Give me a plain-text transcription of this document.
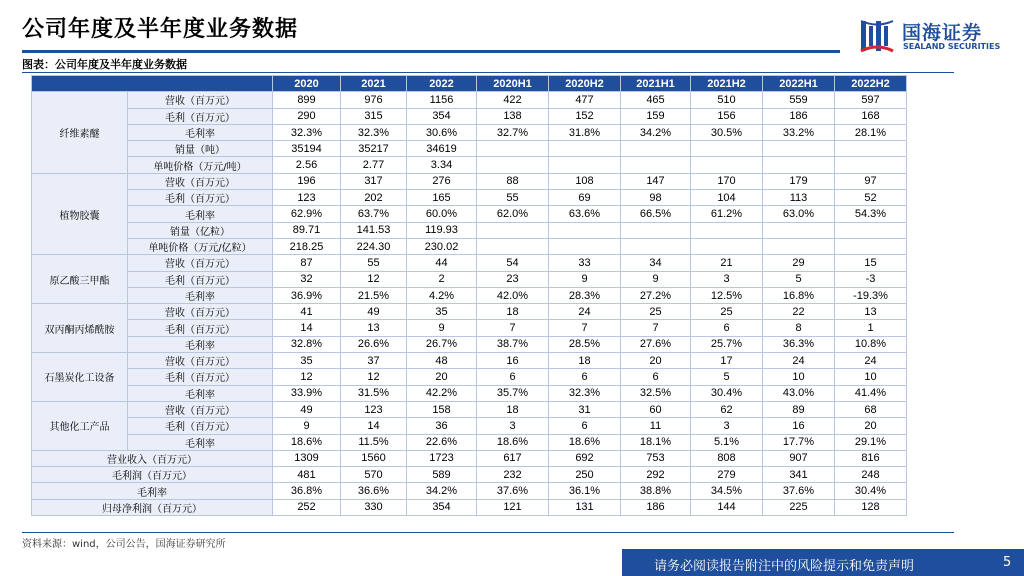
公司年度及半年度业务数据	国海证券
SEALAND SECURITIES
图表：公司年度及半年度业务数据
		2020	2021	2022	2020H1	2020H2	2021H1	2021H2	2022H1	2022H2
纤维素醚	营收（百万元）	899	976	1156	422	477	465	510	559	597
	毛利（百万元）	290	315	354	138	152	159	156	186	168
	毛利率	32.3%	32.3%	30.6%	32.7%	31.8%	34.2%	30.5%	33.2%	28.1%
	销量（吨）	35194	35217	34619						
	单吨价格（万元/吨）	2.56	2.77	3.34						
植物胶囊	营收（百万元）	196	317	276	88	108	147	170	179	97
	毛利（百万元）	123	202	165	55	69	98	104	113	52
	毛利率	62.9%	63.7%	60.0%	62.0%	63.6%	66.5%	61.2%	63.0%	54.3%
	销量（亿粒）	89.71	141.53	119.93						
	单吨价格（万元/亿粒）	218.25	224.30	230.02						
原乙酸三甲酯	营收（百万元）	87	55	44	54	33	34	21	29	15
	毛利（百万元）	32	12	2	23	9	9	3	5	-3
	毛利率	36.9%	21.5%	4.2%	42.0%	28.3%	27.2%	12.5%	16.8%	-19.3%
双丙酮丙烯酰胺	营收（百万元）	41	49	35	18	24	25	25	22	13
	毛利（百万元）	14	13	9	7	7	7	6	8	1
	毛利率	32.8%	26.6%	26.7%	38.7%	28.5%	27.6%	25.7%	36.3%	10.8%
石墨炭化工设备	营收（百万元）	35	37	48	16	18	20	17	24	24
	毛利（百万元）	12	12	20	6	6	6	5	10	10
	毛利率	33.9%	31.5%	42.2%	35.7%	32.3%	32.5%	30.4%	43.0%	41.4%
其他化工产品	营收（百万元）	49	123	158	18	31	60	62	89	68
	毛利（百万元）	9	14	36	3	6	11	3	16	20
	毛利率	18.6%	11.5%	22.6%	18.6%	18.6%	18.1%	5.1%	17.7%	29.1%
营业收入（百万元）		1309	1560	1723	617	692	753	808	907	816
毛利润（百万元）		481	570	589	232	250	292	279	341	248
毛利率		36.8%	36.6%	34.2%	37.6%	36.1%	38.8%	34.5%	37.6%	30.4%
归母净利润（百万元）		252	330	354	121	131	186	144	225	128
资料来源：wind，公司公告，国海证券研究所
请务必阅读报告附注中的风险提示和免责声明	5
